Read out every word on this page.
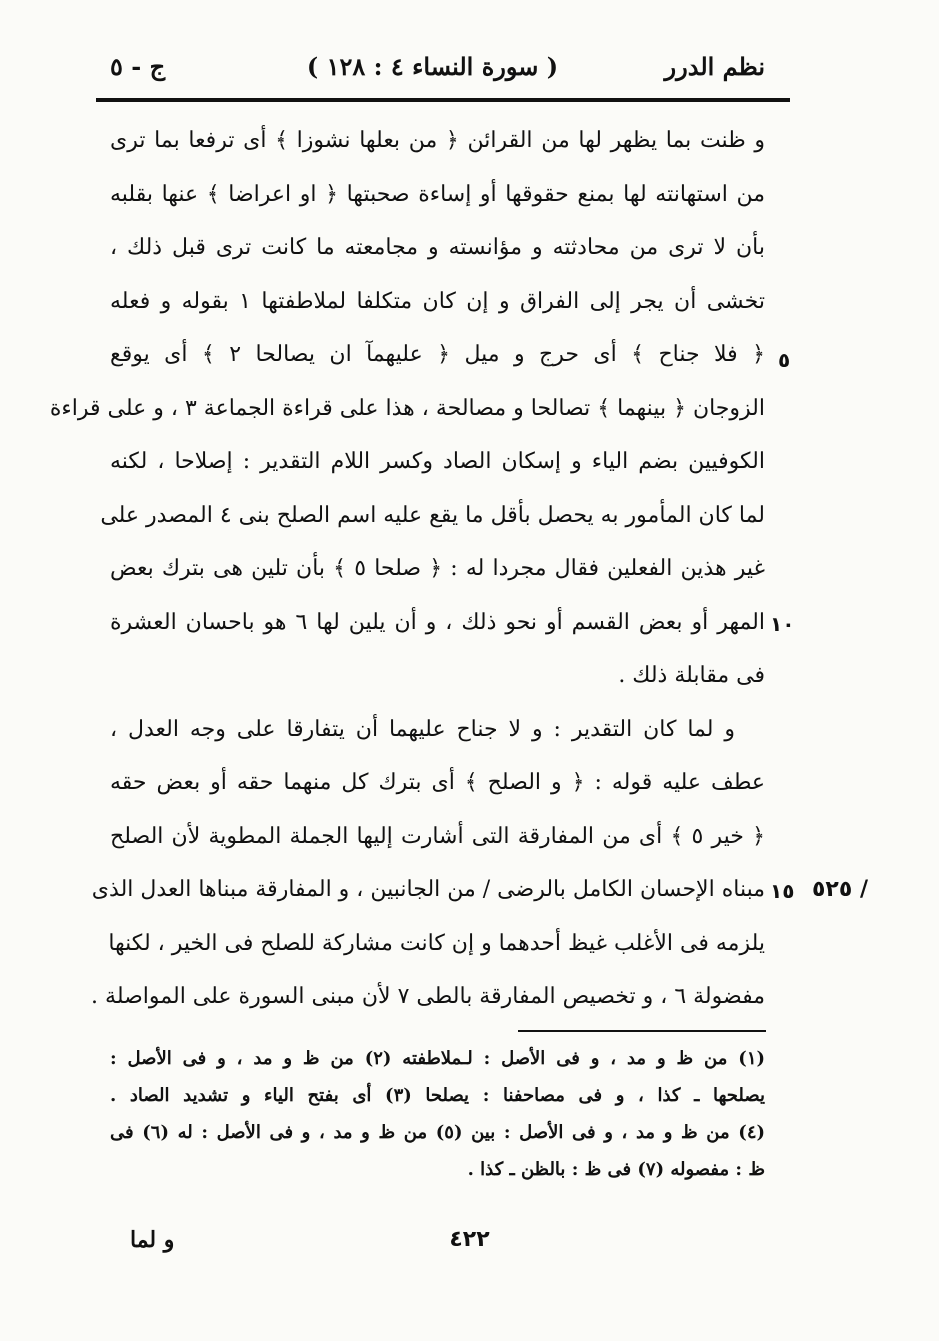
نظم الدرر
( سورة النساء ٤ : ١٢٨ )
ج - ٥
و ظنت بما يظهر لها من القرائن ﴿ من بعلها نشوزا ﴾ أى ترفعا بما ترى
من استهانته لها بمنع حقوقها أو إساءة صحبتها ﴿ او اعراضا ﴾ عنها بقلبه
بأن لا ترى من محادثته و مؤانسته و مجامعته ما كانت ترى قبل ذلك ،
تخشى أن يجر إلى الفراق و إن كان متكلفا لملاطفتها ١ بقوله و فعله
﴿ فلا جناح ﴾ أى حرج و ميل ﴿ عليهمآ ان يصالحا ٢ ﴾ أى يوقع
الزوجان ﴿ بينهما ﴾ تصالحا و مصالحة ، هذا على قراءة الجماعة ٣ ، و على قراءة
الكوفيين بضم الياء و إسكان الصاد وكسر اللام التقدير : إصلاحا ، لكنه
لما كان المأمور به يحصل بأقل ما يقع عليه اسم الصلح بنى ٤ المصدر على
غير هذين الفعلين فقال مجردا له : ﴿ صلحا ٥ ﴾ بأن تلين هى بترك بعض
المهر أو بعض القسم أو نحو ذلك ، و أن يلين لها ٦ هو باحسان العشرة
فى مقابلة ذلك .
و لما كان التقدير : و لا جناح عليهما أن يتفارقا على وجه العدل ،
عطف عليه قوله : ﴿ و الصلح ﴾ أى بترك كل منهما حقه أو بعض حقه
﴿ خير ٥ ﴾ أى من المفارقة التى أشارت إليها الجملة المطوية لأن الصلح
مبناه الإحسان الكامل بالرضى / من الجانبين ، و المفارقة مبناها العدل الذى
يلزمه فى الأغلب غيظ أحدهما و إن كانت مشاركة للصلح فى الخير ، لكنها
مفضولة ٦ ، و تخصيص المفارقة بالطى ٧ لأن مبنى السورة على المواصلة .
٥
١٠
١٥ ٥٢٥ /
(١) من ظ و مد ، و فى الأصل : لـملاطفته (٢) من ظ و مد ، و فى الأصل :
يصلحها ـ كذا ، و فى مصاحفنا : يصلحا (٣) أى بفتح الياء و تشديد الصاد .
(٤) من ظ و مد ، و فى الأصل : بين (٥) من ظ و مد ، و فى الأصل : له (٦) فى
ظ : مفصوله (٧) فى ظ : بالظن ـ كذا .
٤٢٢
و لما
